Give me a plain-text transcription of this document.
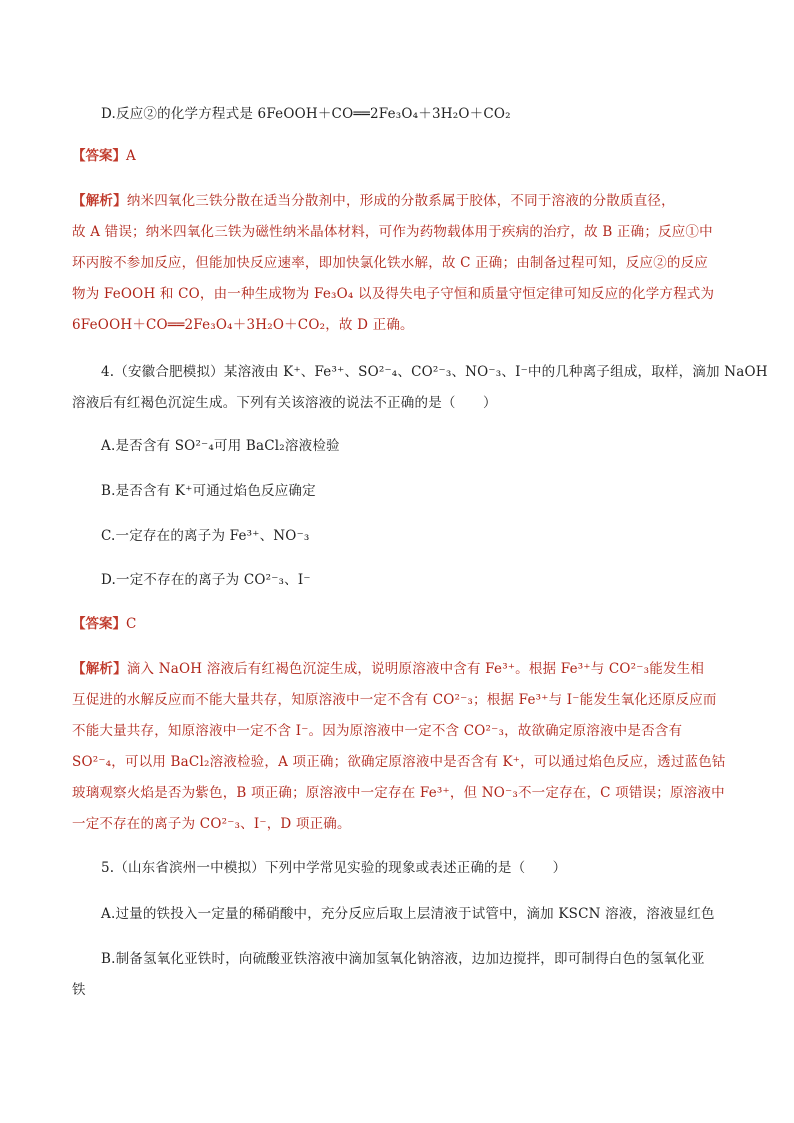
D.反应②的化学方程式是 6FeOOH＋CO══2Fe₃O₄＋3H₂O＋CO₂
【答案】A
【解析】纳米四氧化三铁分散在适当分散剂中，形成的分散系属于胶体，不同于溶液的分散质直径，
故 A 错误；纳米四氧化三铁为磁性纳米晶体材料，可作为药物载体用于疾病的治疗，故 B 正确；反应①中
环丙胺不参加反应，但能加快反应速率，即加快氯化铁水解，故 C 正确；由制备过程可知，反应②的反应
物为 FeOOH 和 CO，由一种生成物为 Fe₃O₄ 以及得失电子守恒和质量守恒定律可知反应的化学方程式为
6FeOOH＋CO══2Fe₃O₄＋3H₂O＋CO₂，故 D 正确。
4.（安徽合肥模拟）某溶液由 K⁺、Fe³⁺、SO²⁻₄、CO²⁻₃、NO⁻₃、I⁻中的几种离子组成，取样，滴加 NaOH
溶液后有红褐色沉淀生成。下列有关该溶液的说法不正确的是（　　）
A.是否含有 SO²⁻₄可用 BaCl₂溶液检验
B.是否含有 K⁺可通过焰色反应确定
C.一定存在的离子为 Fe³⁺、NO⁻₃
D.一定不存在的离子为 CO²⁻₃、I⁻
【答案】C
【解析】滴入 NaOH 溶液后有红褐色沉淀生成，说明原溶液中含有 Fe³⁺。根据 Fe³⁺与 CO²⁻₃能发生相
互促进的水解反应而不能大量共存，知原溶液中一定不含有 CO²⁻₃；根据 Fe³⁺与 I⁻能发生氧化还原反应而
不能大量共存，知原溶液中一定不含 I⁻。因为原溶液中一定不含 CO²⁻₃，故欲确定原溶液中是否含有
SO²⁻₄，可以用 BaCl₂溶液检验，A 项正确；欲确定原溶液中是否含有 K⁺，可以通过焰色反应，透过蓝色钴
玻璃观察火焰是否为紫色，B 项正确；原溶液中一定存在 Fe³⁺，但 NO⁻₃不一定存在，C 项错误；原溶液中
一定不存在的离子为 CO²⁻₃、I⁻，D 项正确。
5.（山东省滨州一中模拟）下列中学常见实验的现象或表述正确的是（　　）
A.过量的铁投入一定量的稀硝酸中，充分反应后取上层清液于试管中，滴加 KSCN 溶液，溶液显红色
B.制备氢氧化亚铁时，向硫酸亚铁溶液中滴加氢氧化钠溶液，边加边搅拌，即可制得白色的氢氧化亚
铁
